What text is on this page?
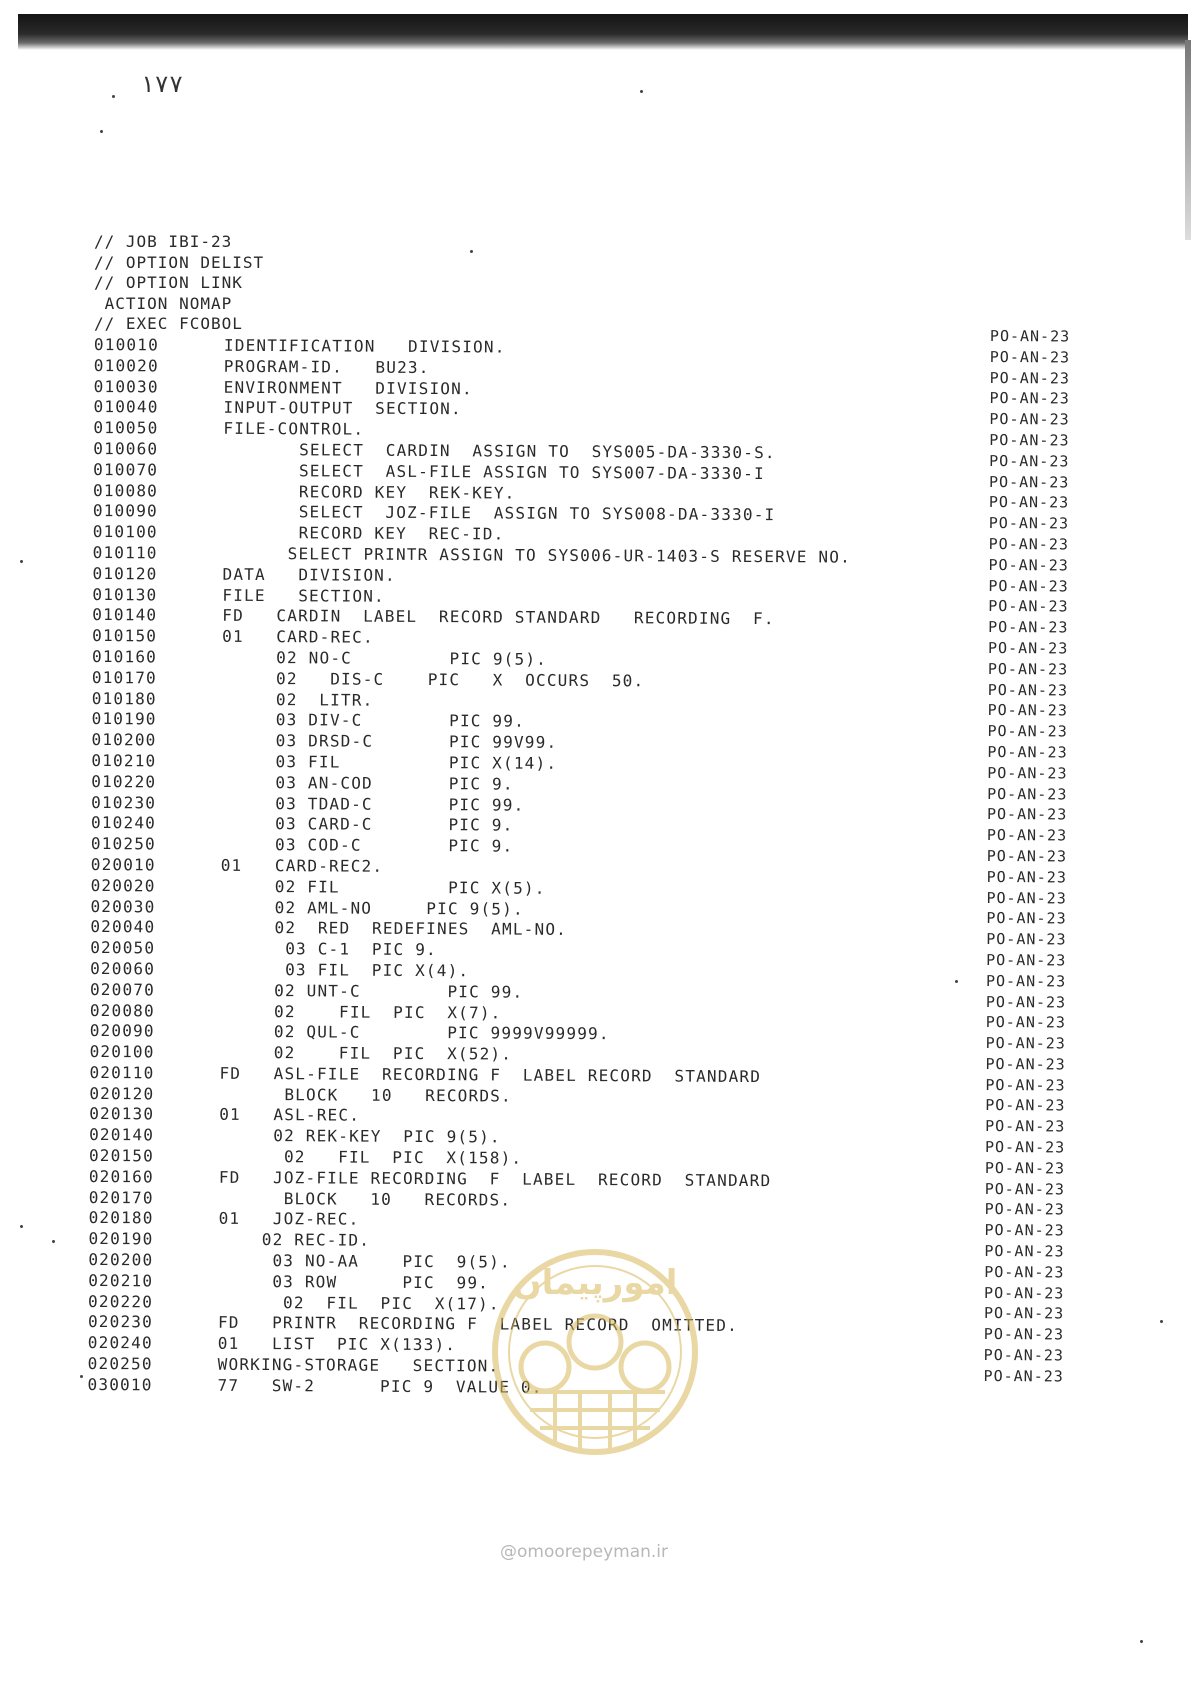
۱۷۷
// JOB IBI-23
// OPTION DELIST
// OPTION LINK
ACTION NOMAP
// EXEC FCOBOL
010010	IDENTIFICATION   DIVISION.
010020	PROGRAM-ID.   BU23.
010030	ENVIRONMENT   DIVISION.
010040	INPUT-OUTPUT  SECTION.
010050	FILE-CONTROL.
010060	SELECT  CARDIN  ASSIGN TO  SYS005-DA-3330-S.
010070	SELECT  ASL-FILE ASSIGN TO SYS007-DA-3330-I
010080	RECORD KEY  REK-KEY.
010090	SELECT  JOZ-FILE  ASSIGN TO SYS008-DA-3330-I
010100	RECORD KEY  REC-ID.
010110	SELECT PRINTR ASSIGN TO SYS006-UR-1403-S RESERVE NO.
010120	DATA   DIVISION.
010130	FILE   SECTION.
010140	FD   CARDIN  LABEL  RECORD STANDARD   RECORDING  F.
010150	01   CARD-REC.
010160	02 NO-C         PIC 9(5).
010170	02   DIS-C    PIC   X  OCCURS  50.
010180	02  LITR.
010190	03 DIV-C        PIC 99.
010200	03 DRSD-C       PIC 99V99.
010210	03 FIL          PIC X(14).
010220	03 AN-COD       PIC 9.
010230	03 TDAD-C       PIC 99.
010240	03 CARD-C       PIC 9.
010250	03 COD-C        PIC 9.
020010	01   CARD-REC2.
020020	02 FIL          PIC X(5).
020030	02 AML-NO     PIC 9(5).
020040	02  RED  REDEFINES  AML-NO.
020050	03 C-1  PIC 9.
020060	03 FIL  PIC X(4).
020070	02 UNT-C        PIC 99.
020080	02    FIL  PIC  X(7).
020090	02 QUL-C        PIC 9999V99999.
020100	02    FIL  PIC  X(52).
020110	FD   ASL-FILE  RECORDING F  LABEL RECORD  STANDARD
020120	BLOCK   10   RECORDS.
020130	01   ASL-REC.
020140	02 REK-KEY  PIC 9(5).
020150	02   FIL  PIC  X(158).
020160	FD   JOZ-FILE RECORDING  F  LABEL  RECORD  STANDARD
020170	BLOCK   10   RECORDS.
020180	01   JOZ-REC.
020190	02 REC-ID.
020200	03 NO-AA    PIC  9(5).
020210	03 ROW      PIC  99.
020220	02  FIL  PIC  X(17).
020230	FD   PRINTR  RECORDING F  LABEL RECORD  OMITTED.
020240	01   LIST  PIC X(133).
020250	WORKING-STORAGE   SECTION.
030010	77   SW-2      PIC 9  VALUE 0.
PO-AN-23
PO-AN-23
PO-AN-23
PO-AN-23
PO-AN-23
PO-AN-23
PO-AN-23
PO-AN-23
PO-AN-23
PO-AN-23
PO-AN-23
PO-AN-23
PO-AN-23
PO-AN-23
PO-AN-23
PO-AN-23
PO-AN-23
PO-AN-23
PO-AN-23
PO-AN-23
PO-AN-23
PO-AN-23
PO-AN-23
PO-AN-23
PO-AN-23
PO-AN-23
PO-AN-23
PO-AN-23
PO-AN-23
PO-AN-23
PO-AN-23
PO-AN-23
PO-AN-23
PO-AN-23
PO-AN-23
PO-AN-23
PO-AN-23
PO-AN-23
PO-AN-23
PO-AN-23
PO-AN-23
PO-AN-23
PO-AN-23
PO-AN-23
PO-AN-23
PO-AN-23
PO-AN-23
PO-AN-23
PO-AN-23
PO-AN-23
PO-AN-23
امورپیمان
@omoorepeyman.ir
